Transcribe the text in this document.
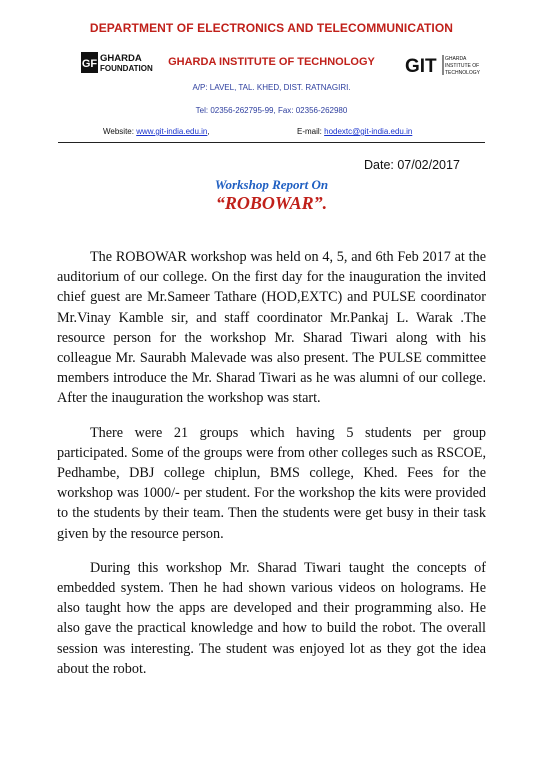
DEPARTMENT OF ELECTRONICS AND TELECOMMUNICATION
GF GHARDA
FOUNDATION
GHARDA INSTITUTE OF TECHNOLOGY	GIT GHARDA
INSTITUTE OF
TECHNOLOGY
A/P: LAVEL, TAL. KHED, DIST. RATNAGIRI.
Tel: 02356-262795-99, Fax: 02356-262980
Website: www.git-india.edu.in,	E-mail: hodextc@git-india.edu.in
Date: 07/02/2017
Workshop Report On
“ROBOWAR”.

The ROBOWAR workshop was held on 4, 5, and 6th Feb 2017 at the auditorium of our college. On the first day for the inauguration the invited chief guest are Mr.Sameer Tathare (HOD,EXTC) and PULSE coordinator Mr.Vinay Kamble sir, and staff coordinator Mr.Pankaj L. Warak .The resource person for the workshop Mr. Sharad Tiwari along with his colleague Mr. Saurabh Malevade was also present. The PULSE committee members introduce the Mr. Sharad Tiwari as he was alumni of our college. After the inauguration the workshop was start.

There were 21 groups which having 5 students per group participated. Some of the groups were from other colleges such as RSCOE, Pedhambe, DBJ college chiplun, BMS college, Khed. Fees for the workshop was 1000/- per student. For the workshop the kits were provided to the students by their team. Then the students were get busy in their task given by the resource person.

During this workshop Mr. Sharad Tiwari taught the concepts of embedded system. Then he had shown various videos on holograms. He also taught how the apps are developed and their programming also. He also gave the practical knowledge and how to build the robot. The overall session was interesting. The student was enjoyed lot as they got the idea about the robot.
